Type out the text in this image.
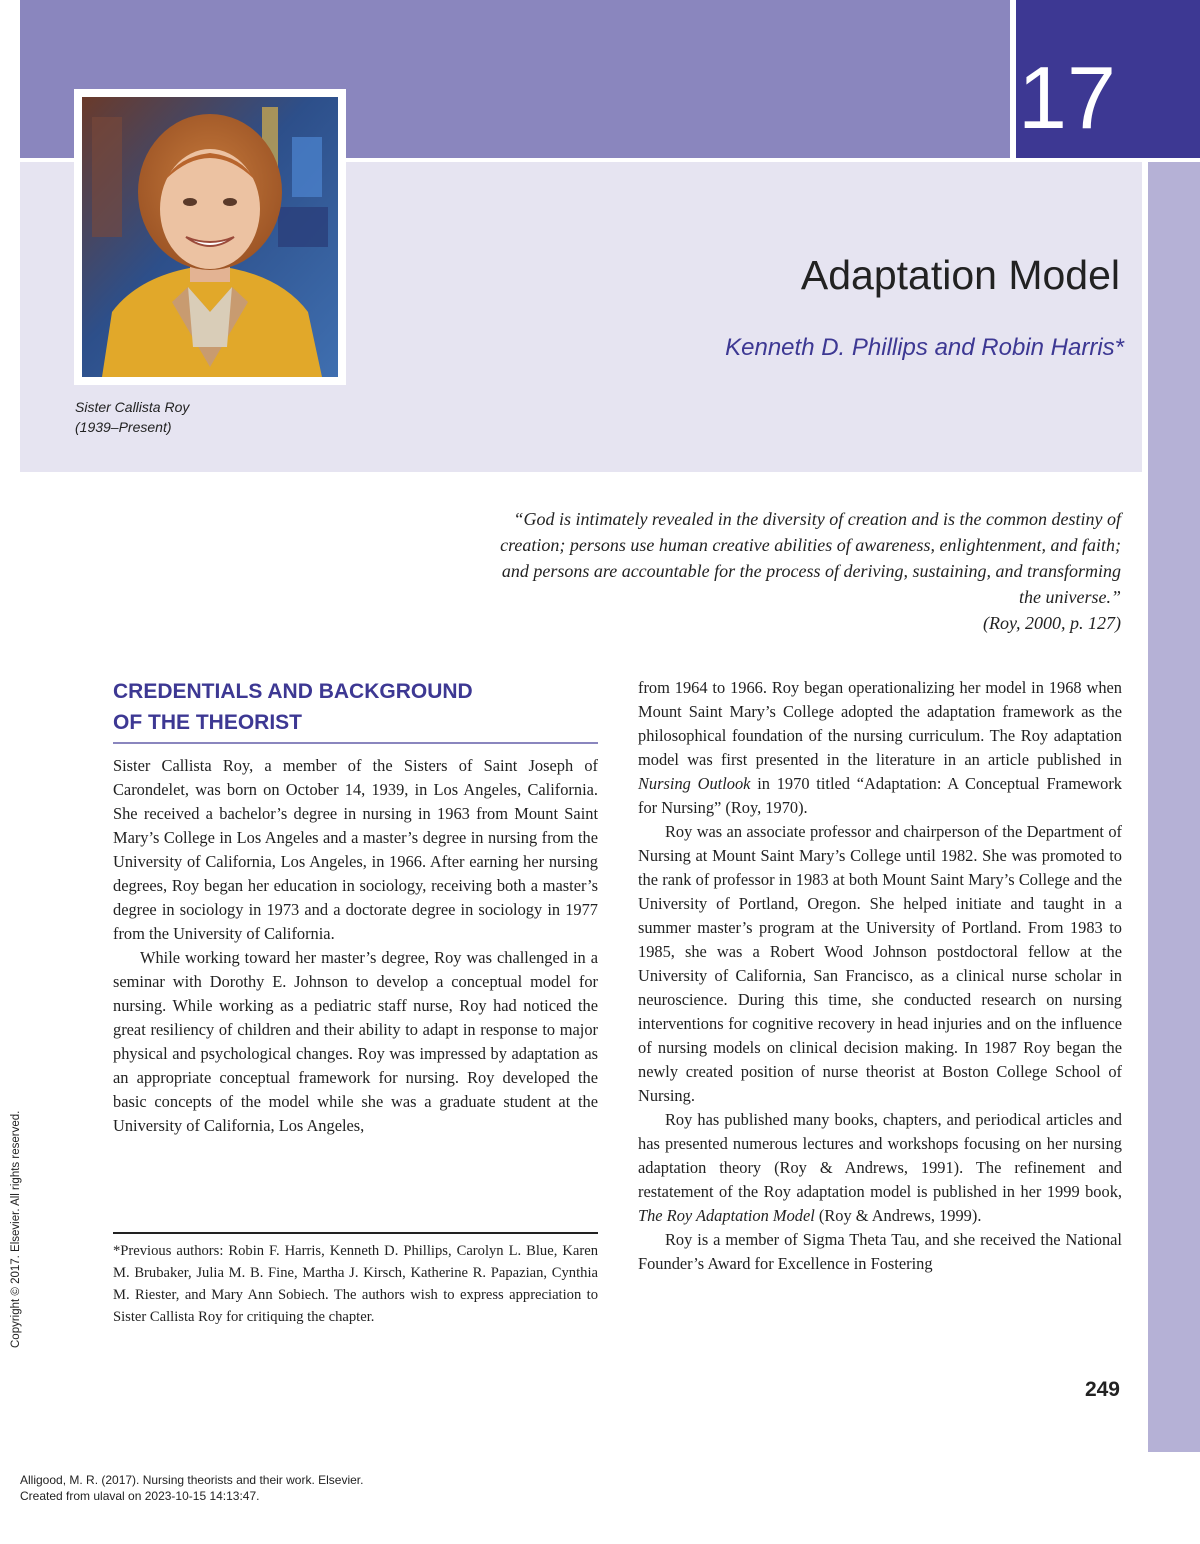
17
Sister Callista Roy
(1939–Present)
Adaptation Model
Kenneth D. Phillips and Robin Harris*
“God is intimately revealed in the diversity of creation and is the common destiny of
creation; persons use human creative abilities of awareness, enlightenment, and faith;
and persons are accountable for the process of deriving, sustaining, and transforming
the universe.”
(Roy, 2000, p. 127)
CREDENTIALS AND BACKGROUND
OF THE THEORIST

Sister Callista Roy, a member of the Sisters of Saint Joseph of Carondelet, was born on October 14, 1939, in Los Angeles, California. She received a bachelor’s degree in nursing in 1963 from Mount Saint Mary’s College in Los Angeles and a master’s degree in nursing from the University of California, Los Angeles, in 1966. After earning her nursing degrees, Roy began her education in sociology, receiving both a master’s degree in sociology in 1973 and a doctorate degree in sociology in 1977 from the University of California.

While working toward her master’s degree, Roy was challenged in a seminar with Dorothy E. Johnson to develop a conceptual model for nursing. While working as a pediatric staff nurse, Roy had noticed the great resiliency of children and their ability to adapt in response to major physical and psychological changes. Roy was impressed by adaptation as an appropriate conceptual framework for nursing. Roy developed the basic concepts of the model while she was a graduate student at the University of California, Los Angeles,

*Previous authors: Robin F. Harris, Kenneth D. Phillips, Carolyn L. Blue, Karen M. Brubaker, Julia M. B. Fine, Martha J. Kirsch, Katherine R. Papazian, Cynthia M. Riester, and Mary Ann Sobiech. The authors wish to express appreciation to Sister Callista Roy for critiquing the chapter.

from 1964 to 1966. Roy began operationalizing her model in 1968 when Mount Saint Mary’s College adopted the adaptation framework as the philosophical foundation of the nursing curriculum. The Roy adaptation model was first presented in the literature in an article published in Nursing Outlook in 1970 titled “Adaptation: A Conceptual Framework for Nursing” (Roy, 1970).

Roy was an associate professor and chairperson of the Department of Nursing at Mount Saint Mary’s College until 1982. She was promoted to the rank of professor in 1983 at both Mount Saint Mary’s College and the University of Portland, Oregon. She helped initiate and taught in a summer master’s program at the University of Portland. From 1983 to 1985, she was a Robert Wood Johnson postdoctoral fellow at the University of California, San Francisco, as a clinical nurse scholar in neuroscience. During this time, she conducted research on nursing interventions for cognitive recovery in head injuries and on the influence of nursing models on clinical decision making. In 1987 Roy began the newly created position of nurse theorist at Boston College School of Nursing.

Roy has published many books, chapters, and periodical articles and has presented numerous lectures and workshops focusing on her nursing adaptation theory (Roy & Andrews, 1991). The refinement and restatement of the Roy adaptation model is published in her 1999 book, The Roy Adaptation Model (Roy & Andrews, 1999).

Roy is a member of Sigma Theta Tau, and she received the National Founder’s Award for Excellence in Fostering

249
Copyright © 2017. Elsevier. All rights reserved.
Alligood, M. R. (2017). Nursing theorists and their work. Elsevier.
Created from ulaval on 2023-10-15 14:13:47.
